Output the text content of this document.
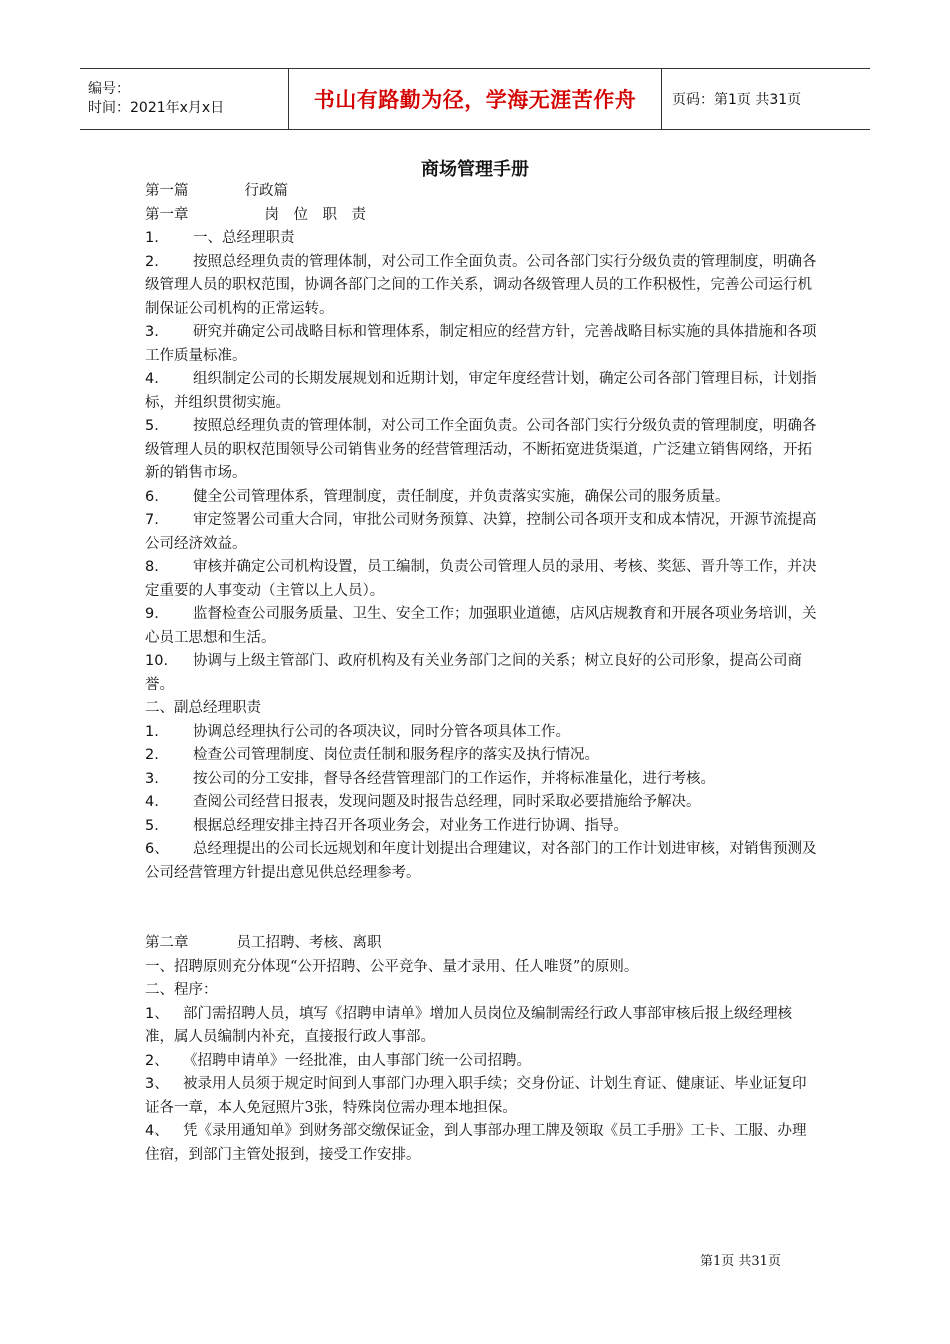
编号：
时间：2021年x月x日	书山有路勤为径，学海无涯苦作舟	页码：第1页 共31页
商场管理手册

第一篇	行政篇

第一章	岗　位　职　责

1. 一、总经理职责

2. 按照总经理负责的管理体制，对公司工作全面负责。公司各部门实行分级负责的管理制度，明确各级管理人员的职权范围，协调各部门之间的工作关系，调动各级管理人员的工作积极性，完善公司运行机制保证公司机构的正常运转。

3. 研究并确定公司战略目标和管理体系，制定相应的经营方针，完善战略目标实施的具体措施和各项工作质量标准。

4. 组织制定公司的长期发展规划和近期计划，审定年度经营计划，确定公司各部门管理目标，计划指标，并组织贯彻实施。

5. 按照总经理负责的管理体制，对公司工作全面负责。公司各部门实行分级负责的管理制度，明确各级管理人员的职权范围领导公司销售业务的经营管理活动，不断拓宽进货渠道，广泛建立销售网络，开拓新的销售市场。

6. 健全公司管理体系，管理制度，责任制度，并负责落实实施，确保公司的服务质量。

7. 审定签署公司重大合同，审批公司财务预算、决算，控制公司各项开支和成本情况，开源节流提高公司经济效益。

8. 审核并确定公司机构设置，员工编制，负责公司管理人员的录用、考核、奖惩、晋升等工作，并决定重要的人事变动（主管以上人员）。

9. 监督检查公司服务质量、卫生、安全工作；加强职业道德，店风店规教育和开展各项业务培训，关心员工思想和生活。

10. 协调与上级主管部门、政府机构及有关业务部门之间的关系；树立良好的公司形象，提高公司商誉。

二、副总经理职责

1. 协调总经理执行公司的各项决议，同时分管各项具体工作。

2. 检查公司管理制度、岗位责任制和服务程序的落实及执行情况。

3. 按公司的分工安排，督导各经营管理部门的工作运作，并将标准量化，进行考核。

4. 查阅公司经营日报表，发现问题及时报告总经理，同时采取必要措施给予解决。

5. 根据总经理安排主持召开各项业务会，对业务工作进行协调、指导。

6、 总经理提出的公司长远规划和年度计划提出合理建议，对各部门的工作计划进审核，对销售预测及公司经营管理方针提出意见供总经理参考。

第二章	员工招聘、考核、离职

一、招聘原则充分体现“公开招聘、公平竞争、量才录用、任人唯贤”的原则。

二、程序：

1、 部门需招聘人员，填写《招聘申请单》增加人员岗位及编制需经行政人事部审核后报上级经理核准，属人员编制内补充，直接报行政人事部。

2、 《招聘申请单》一经批准，由人事部门统一公司招聘。

3、 被录用人员须于规定时间到人事部门办理入职手续；交身份证、计划生育证、健康证、毕业证复印证各一章，本人免冠照片3张，特殊岗位需办理本地担保。

4、 凭《录用通知单》到财务部交缴保证金，到人事部办理工牌及领取《员工手册》工卡、工服、办理住宿，到部门主管处报到，接受工作安排。

第1页 共31页
